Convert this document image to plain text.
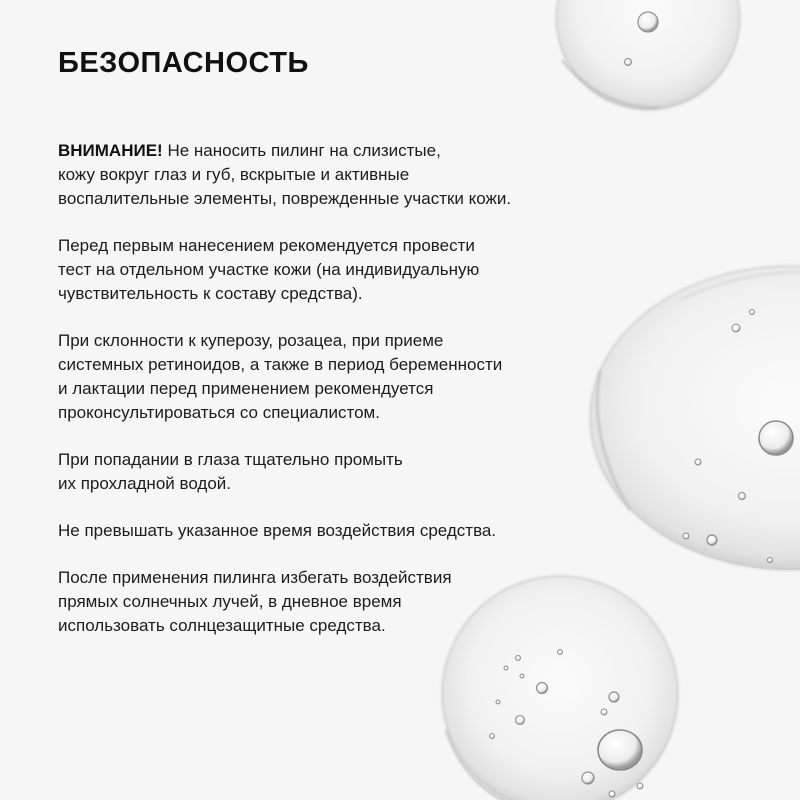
БЕЗОПАСНОСТЬ

ВНИМАНИЕ! Не наносить пилинг на слизистые,
кожу вокруг глаз и губ, вскрытые и активные
воспалительные элементы, поврежденные участки кожи.

Перед первым нанесением рекомендуется провести
тест на отдельном участке кожи (на индивидуальную
чувствительность к составу средства).

При склонности к куперозу, розацеа, при приеме
системных ретиноидов, а также в период беременности
и лактации перед применением рекомендуется
проконсультироваться со специалистом.

При попадании в глаза тщательно промыть
их прохладной водой.

Не превышать указанное время воздействия средства.

После применения пилинга избегать воздействия
прямых солнечных лучей, в дневное время
использовать солнцезащитные средства.
